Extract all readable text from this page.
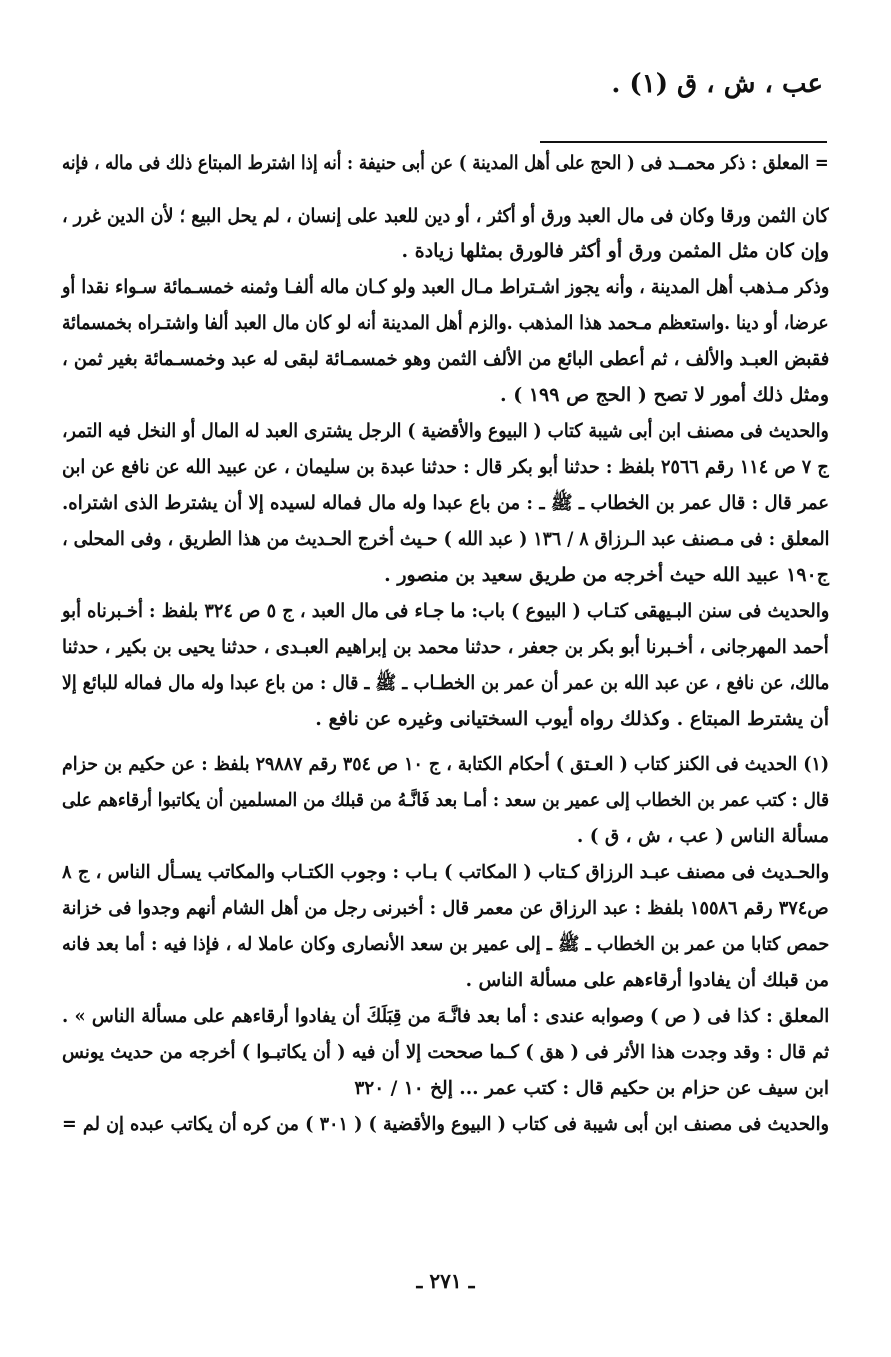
عب ، ش ، ق (١) .
= المعلق : ذكر محمــد فى ( الحج على أهل المدينة ) عن أبى حنيفة : أنه إذا اشترط المبتاع ذلك فى ماله ، فإنه
كان الثمن ورقا وكان فى مال العبد ورق أو أكثر ، أو دين للعبد على إنسان ، لم يحل البيع ؛ لأن الدين غرر ،
وإن كان مثل المثمن ورق أو أكثر فالورق بمثلها زيادة .
وذكر مـذهب أهل المدينة ، وأنه يجوز اشـتراط مـال العبد ولو كـان ماله ألفـا وثمنه خمسـمائة سـواء نقدا أو
عرضا، أو دينا .واستعظم مـحمد هذا المذهب .والزم أهل المدينة أنه لو كان مال العبد ألفا واشتـراه بخمسمائة
فقبض العبـد والألف ، ثم أعطى البائع من الألف الثمن وهو خمسمـائة لبقى له عبد وخمسـمائة بغير ثمن ،
ومثل ذلك أمور لا تصح ( الحج ص ١٩٩ ) .
والحديث فى مصنف ابن أبى شيبة كتاب ( البيوع والأقضية ) الرجل يشترى العبد له المال أو النخل فيه التمر،
ج ٧ ص ١١٤ رقم ٢٥٦٦ بلفظ : حدثنا أبو بكر قال : حدثنا عبدة بن سليمان ، عن عبيد الله عن نافع عن ابن
عمر قال : قال عمر بن الخطاب ـ ﷺ ـ : من باع عبدا وله مال فماله لسيده إلا أن يشترط الذى اشتراه.
المعلق : فى مـصنف عبد الـرزاق ٨ / ١٣٦ ( عبد الله ) حـيث أخرج الحـديث من هذا الطريق ، وفى المحلى ،
ج١٩٠ عبيد الله حيث أخرجه من طريق سعيد بن منصور .
والحديث فى سنن البـيهقى كتـاب ( البيوع ) باب: ما جـاء فى مال العبد ، ج ٥ ص ٣٢٤ بلفظ : أخـبرناه أبو
أحمد المهرجانى ، أخـبرنا أبو بكر بن جعفر ، حدثنا محمد بن إبراهيم العبـدى ، حدثنا يحيى بن بكير ، حدثنا
مالك، عن نافع ، عن عبد الله بن عمر أن عمر بن الخطـاب ـ ﷺ ـ قال : من باع عبدا وله مال فماله للبائع إلا
أن يشترط المبتاع . وكذلك رواه أيوب السختيانى وغيره عن نافع .
(١) الحديث فى الكنز كتاب ( العـتق ) أحكام الكتابة ، ج ١٠ ص ٣٥٤ رقم ٢٩٨٨٧ بلفظ : عن حكيم بن حزام
قال : كتب عمر بن الخطاب إلى عمير بن سعد : أمـا بعد فَانَّـهُ من قبلك من المسلمين أن يكاتبوا أرقاءهم على
مسألة الناس ( عب ، ش ، ق ) .
والحـديث فى مصنف عبـد الرزاق كـتاب ( المكاتب ) بـاب : وجوب الكتـاب والمكاتب يسـأل الناس ، ج ٨
ص٣٧٤ رقم ١٥٥٨٦ بلفظ : عبد الرزاق عن معمر قال : أخبرنى رجل من أهل الشام أنهم وجدوا فى خزانة
حمص كتابا من عمر بن الخطاب ـ ﷺ ـ إلى عمير بن سعد الأنصارى وكان عاملا له ، فإذا فيه : أما بعد فانه
من قبلك أن يفادوا أرقاءهم على مسألة الناس .
المعلق : كذا فى ( ص ) وصوابه عندى : أما بعد فانَّـهَ من قِبَلَكَ أن يفادوا أرقاءهم على مسألة الناس » .
ثم قال : وقد وجدت هذا الأثر فى ( هق ) كـما صححت إلا أن فيه ( أن يكاتبـوا ) أخرجه من حديث يونس
ابن سيف عن حزام بن حكيم قال : كتب عمر ... إلخ ١٠ / ٣٢٠
والحديث فى مصنف ابن أبى شيبة فى كتاب ( البيوع والأقضية ) ( ٣٠١ ) من كره أن يكاتب عبده إن لم =
ـ ٢٧١ ـ
